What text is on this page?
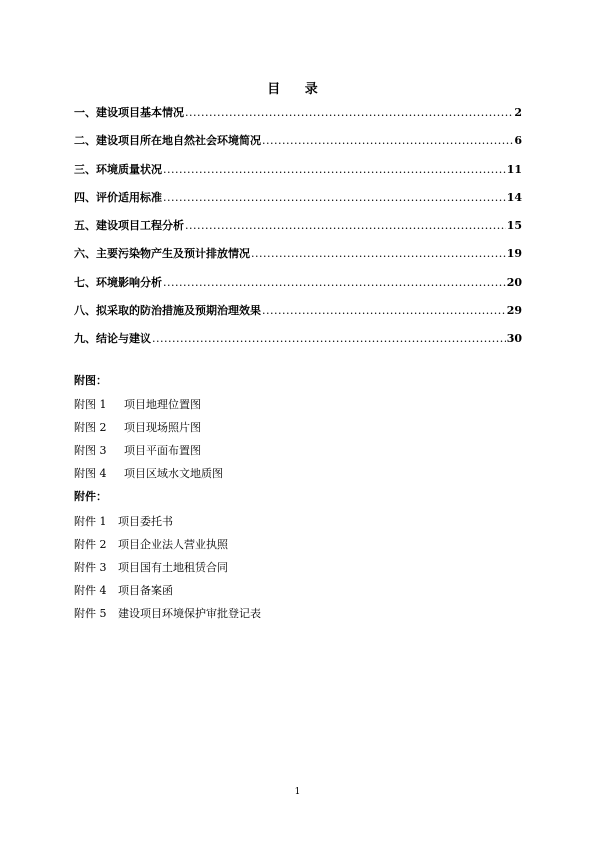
目 录
一、建设项目基本情况 .....	2
二、建设项目所在地自然社会环境简况 .....	6
三、环境质量状况 .....	11
四、评价适用标准 .....	14
五、建设项目工程分析 .....	15
六、主要污染物产生及预计排放情况 .....	19
七、环境影响分析 .....	20
八、拟采取的防治措施及预期治理效果 .....	29
九、结论与建议 .....	30
附图：
附图 1 项目地理位置图
附图 2 项目现场照片图
附图 3 项目平面布置图
附图 4 项目区域水文地质图
附件：
附件 1 项目委托书
附件 2 项目企业法人营业执照
附件 3 项目国有土地租赁合同
附件 4 项目备案函
附件 5 建设项目环境保护审批登记表
1
